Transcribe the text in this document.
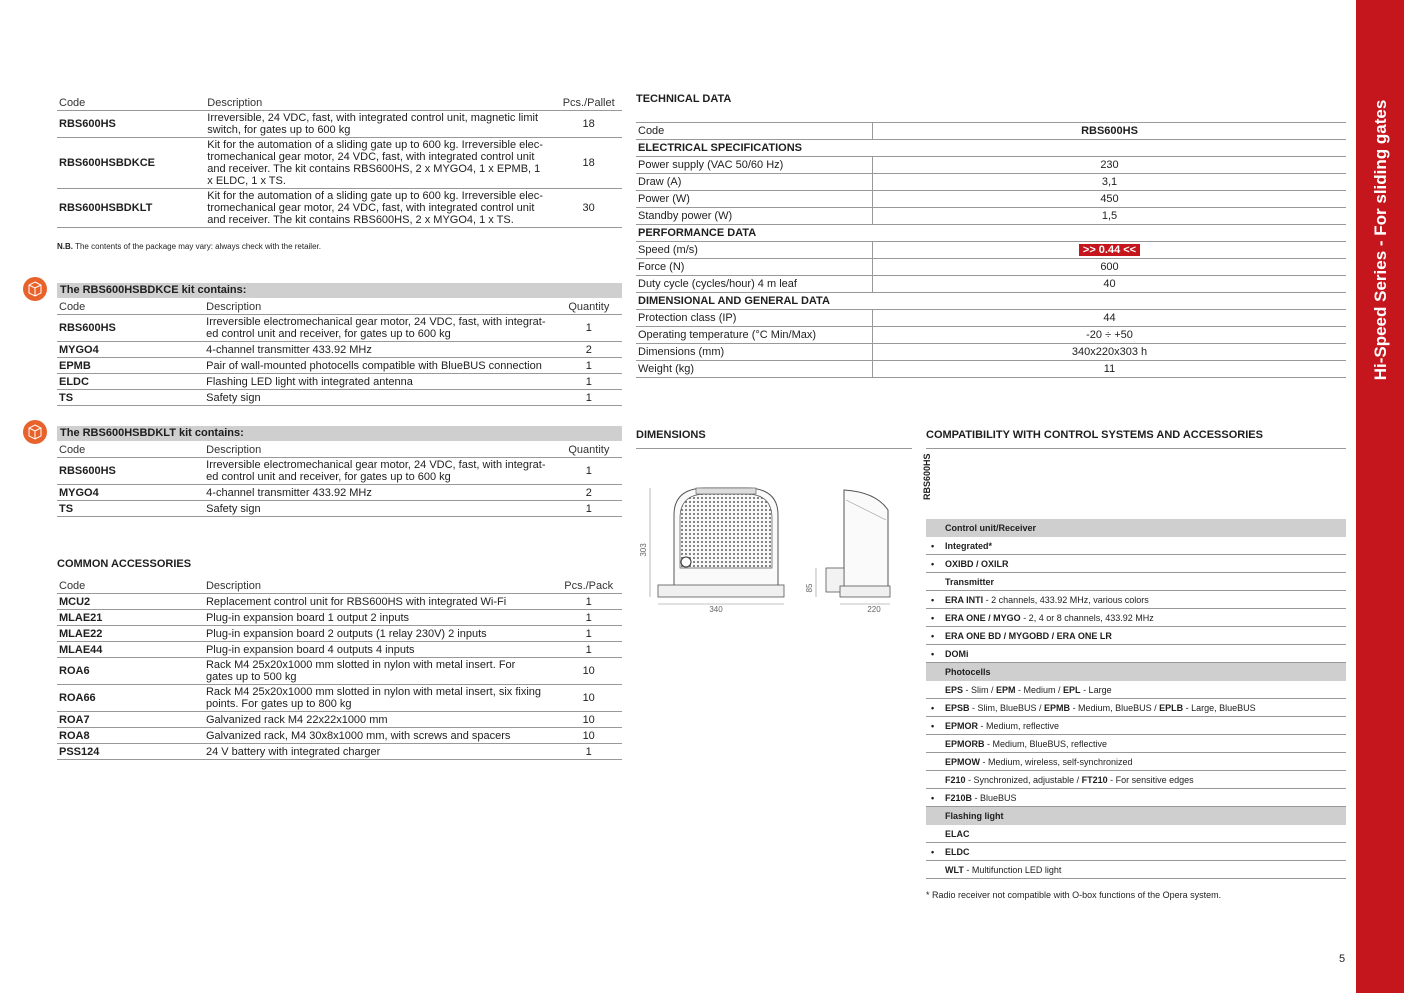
Hi-Speed Series - For sliding gates
Code	Description	Pcs./Pallet
RBS600HS	Irreversible, 24 VDC, fast, with integrated control unit, magnetic limit
switch, for gates up to 600 kg	18
RBS600HSBDKCE	Kit for the automation of a sliding gate up to 600 kg. Irreversible elec-
tromechanical gear motor, 24 VDC, fast, with integrated control unit
and receiver. The kit contains RBS600HS, 2 x MYGO4, 1 x EPMB, 1
x ELDC, 1 x TS.	18
RBS600HSBDKLT	Kit for the automation of a sliding gate up to 600 kg. Irreversible elec-
tromechanical gear motor, 24 VDC, fast, with integrated control unit
and receiver. The kit contains RBS600HS, 2 x MYGO4, 1 x TS.	30
N.B. The contents of the package may vary: always check with the retailer.
The RBS600HSBDKCE kit contains:
Code	Description	Quantity
RBS600HS	Irreversible electromechanical gear motor, 24 VDC, fast, with integrat-
ed control unit and receiver, for gates up to 600 kg	1
MYGO4	4-channel transmitter 433.92 MHz	2
EPMB	Pair of wall-mounted photocells compatible with BlueBUS connection	1
ELDC	Flashing LED light with integrated antenna	1
TS	Safety sign	1
The RBS600HSBDKLT kit contains:
Code	Description	Quantity
RBS600HS	Irreversible electromechanical gear motor, 24 VDC, fast, with integrat-
ed control unit and receiver, for gates up to 600 kg	1
MYGO4	4-channel transmitter 433.92 MHz	2
TS	Safety sign	1
COMMON ACCESSORIES
Code	Description	Pcs./Pack
MCU2	Replacement control unit for RBS600HS with integrated Wi-Fi	1
MLAE21	Plug-in expansion board 1 output 2 inputs	1
MLAE22	Plug-in expansion board 2 outputs (1 relay 230V) 2 inputs	1
MLAE44	Plug-in expansion board 4 outputs 4 inputs	1
ROA6	Rack M4 25x20x1000 mm slotted in nylon with metal insert. For
gates up to 500 kg	10
ROA66	Rack M4 25x20x1000 mm slotted in nylon with metal insert, six fixing
points. For gates up to 800 kg	10
ROA7	Galvanized rack M4 22x22x1000 mm	10
ROA8	Galvanized rack, M4 30x8x1000 mm, with screws and spacers	10
PSS124	24 V battery with integrated charger	1
TECHNICAL DATA
Code	RBS600HS
ELECTRICAL SPECIFICATIONS	
Power supply (VAC 50/60 Hz)	230
Draw (A)	3,1
Power (W)	450
Standby power (W)	1,5
PERFORMANCE DATA	
Speed (m/s)	>> 0.44 <<
Force (N)	600
Duty cycle (cycles/hour) 4 m leaf	40
DIMENSIONAL AND GENERAL DATA	
Protection class (IP)	44
Operating temperature (°C Min/Max)	-20 ÷ +50
Dimensions (mm)	340x220x303 h
Weight (kg)	11
DIMENSIONS
303
340
85
220
COMPATIBILITY WITH CONTROL SYSTEMS AND ACCESSORIES
RBS600HS
Control unit/Receiver
• Integrated*
• OXIBD / OXILR
Transmitter
• ERA INTI - 2 channels, 433.92 MHz, various colors
• ERA ONE / MYGO - 2, 4 or 8 channels, 433.92 MHz
• ERA ONE BD / MYGOBD / ERA ONE LR
• DOMi
Photocells
EPS - Slim / EPM - Medium / EPL - Large
• EPSB - Slim, BlueBUS / EPMB - Medium, BlueBUS / EPLB - Large, BlueBUS
• EPMOR - Medium, reflective
EPMORB - Medium, BlueBUS, reflective
EPMOW - Medium, wireless, self-synchronized
F210 - Synchronized, adjustable / FT210 - For sensitive edges
• F210B - BlueBUS
Flashing light
ELAC
• ELDC
WLT - Multifunction LED light
* Radio receiver not compatible with O-box functions of the Opera system.
5
